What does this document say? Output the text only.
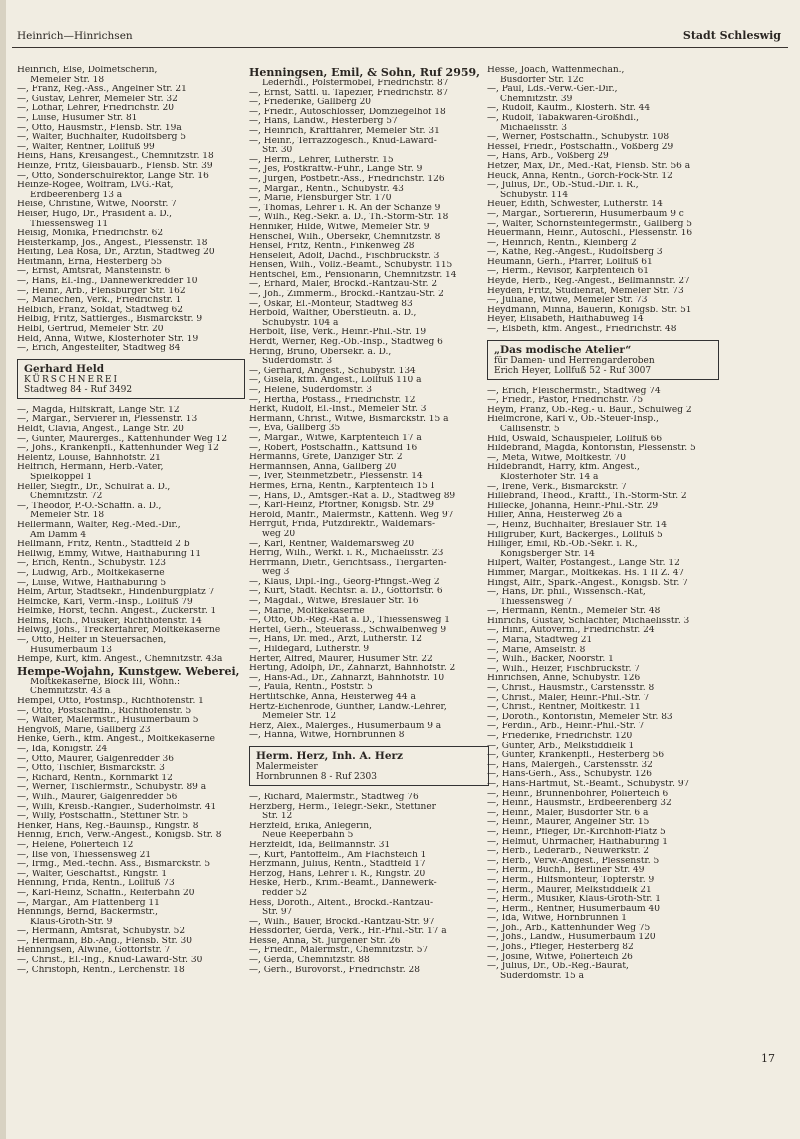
Heinrich—Hinrichsen	Stadt Schleswig
Heinrich, Else, Dolmetscherin,
Memeler Str. 18
—, Franz, Reg.-Ass., Angelner Str. 21
—, Gustav, Lehrer, Memeler Str. 32
—, Lothar, Lehrer, Friedrichstr. 20
—, Luise, Husumer Str. 81
—, Otto, Hausmstr., Flensb. Str. 19a
—, Walter, Buchhalter, Rudolfsberg 5
—, Walter, Rentner, Lollfuß 99
Heins, Hans, Kreisangest., Chemnitzstr. 18
Heinze, Fritz, Gleisbauarb., Flensb. Str. 39
—, Otto, Sonderschulrektor, Lange Str. 16
Heinze-Rogée, Wolfram, LVG.-Rat,
Erdbeerenberg 13 a
Heise, Christine, Witwe, Noorstr. 7
Heiser, Hugo, Dr., Präsident a. D.,
Thiessensweg 11
Heisig, Monika, Friedrichstr. 62
Heisterkamp, Jos., Angest., Plessenstr. 18
Heiting, Lea Rosa, Dr., Ärztin, Stadtweg 20
Heitmann, Erna, Hesterberg 55
—, Ernst, Amtsrat, Mansteinstr. 6
—, Hans, El.-Ing., Dannewerkredder 10
—, Heinr., Arb., Flensburger Str. 162
—, Mariechen, Verk., Friedrichstr. 1
Helbich, Franz, Soldat, Stadtweg 62
Helbig, Fritz, Sattlerges., Bismarckstr. 9
Helbl, Gertrud, Memeler Str. 20
Held, Anna, Witwe, Klosterhofer Str. 19
—, Erich, Angestellter, Stadtweg 84
Gerhard Held
KÜRSCHNEREI
Stadtweg 84 - Ruf 3492
—, Magda, Hilfskraft, Lange Str. 12
—, Margar., Servierer in, Plessenstr. 13
Heldt, Clavia, Angest., Lange Str. 20
—, Günter, Maurerges., Kattenhunder Weg 12
—, Johs., Krankenpfl., Kattenhunder Weg 12
Helentz, Louise, Bahnhofstr. 21
Helfrich, Hermann, Herb.-Vater,
Spielkoppel 1
Heller, Siegfr., Dr., Schulrat a. D.,
Chemnitzstr. 72
—, Theodor, P.-O.-Schaffn. a. D.,
Memeler Str. 18
Hellermann, Walter, Reg.-Med.-Dir.,
Am Damm 4
Hellmann, Fritz, Rentn., Stadtfeld 2 b
Hellwig, Emmy, Witwe, Haithaburing 11
—, Erich, Rentn., Schubystr. 123
—, Ludwig, Arb., Moltkekaserne
—, Luise, Witwe, Haithaburing 5
Helm, Artur, Stadtsekr., Hindenburgplatz 7
Helmcke, Karl, Verm.-Insp., Lollfuß 79
Helmke, Horst, techn. Angest., Zuckerstr. 1
Helms, Rich., Musiker, Richthofenstr. 14
Helwig, Johs., Treckerfahrer, Moltkekaserne
—, Otto, Helfer in Steuersachen,
Husumerbaum 13
Hempe, Kurt, kfm. Angest., Chemnitzstr. 43a
Hempe-Wojahn, Kunstgew. Weberei,
Moltkekaserne, Block III, Wohn.:
Chemnitzstr. 43 a
Hempel, Otto, Postinsp., Richthofenstr. 1
—, Otto, Postschaffn., Richthofenstr. 5
—, Walter, Malermstr., Husumerbaum 5
Hengvoß, Marie, Gallberg 23
Henke, Gerh., kfm. Angest., Moltkekaserne
—, Ida, Königstr. 24
—, Otto, Maurer, Galgenredder 36
—, Otto, Tischler, Bismarckstr. 3
—, Richard, Rentn., Kornmarkt 12
—, Werner, Tischlermstr., Schubystr. 89 a
—, Wilh., Maurer, Galgenredder 56
—, Willi, Kreisb.-Rangier., Süderholmstr. 41
—, Willy, Postschaffn., Stettiner Str. 5
Henker, Hans, Reg.-Bauinsp., Ringstr. 8
Hennig, Erich, Verw.-Angest., Königsb. Str. 8
—, Helene, Polierteich 12
—, Ilse von, Thiessensweg 21
—, Irmg., Med.-techn. Ass., Bismarckstr. 5
—, Walter, Geschäftsf., Ringstr. 1
Henning, Frida, Rentn., Lollfuß 73
—, Karl-Heinz, Schaffn., Reiferbahn 20
—, Margar., Am Flattenberg 11
Hennings, Bernd, Bäckermstr.,
Klaus-Groth-Str. 9
—, Hermann, Amtsrat, Schubystr. 52
—, Hermann, Bb.-Ang., Flensb. Str. 30
Henningsen, Alwine, Gottorfstr. 7
—, Christ., El.-Ing., Knud-Laward-Str. 30
—, Christoph, Rentn., Lerchenstr. 18
Henningsen, Emil, & Sohn, Ruf 2959,
Lederhdl., Polstermöbel, Friedrichstr. 87
—, Ernst, Sattl. u. Tapezier, Friedrichstr. 87
—, Friederike, Gallberg 20
—, Friedr., Autoschlosser, Domziegelhof 18
—, Hans, Landw., Hesterberg 57
—, Heinrich, Kraftfahrer, Memeler Str. 31
—, Heinr., Terrazzogesch., Knud-Laward-
Str. 30
—, Herm., Lehrer, Lutherstr. 15
—, Jes, Postkraftw.-Führ., Lange Str. 9
—, Jürgen, Postbetr.-Ass., Friedrichstr. 126
—, Margar., Rentn., Schubystr. 43
—, Marie, Flensburger Str. 170
—, Thomas, Lehrer i. R. An der Schanze 9
—, Wilh., Reg.-Sekr. a. D., Th.-Storm-Str. 18
Henniker, Hilde, Witwe, Memeler Str. 9
Henschel, Wilh., Obersekr, Chemnitzstr. 8
Hensel, Fritz, Rentn., Finkenweg 28
Henseleit, Adolf, Dachd., Fischbrückstr. 3
Hensen, Wilh., Vollz.-Beamt., Schubystr. 115
Hentschel, Em., Pensionärin, Chemnitzstr. 14
—, Erhard, Maler, Brockd.-Rantzau-Str. 2
—, Joh., Zimmerm., Brockd.-Rantzau-Str. 2
—, Oskar, El.-Monteur, Stadtweg 83
Herbold, Walther, Oberstleutn. a. D.,
Schubystr. 104 a
Herbolt, Ilse, Verk., Heinr.-Phil.-Str. 19
Herdt, Werner, Reg.-Ob.-Insp., Stadtweg 6
Hering, Bruno, Obersekr. a. D.,
Süderdomstr. 3
—, Gerhard, Angest., Schubystr. 134
—, Gisela, kfm. Angest., Lollfuß 110 a
—, Helene, Süderdomstr. 3
—, Hertha, Postass., Friedrichstr. 12
Herkt, Rudolf, El.-Inst., Memeler Str. 3
Hermann, Christ., Witwe, Bismarckstr. 15 a
—, Eva, Gallberg 35
—, Margar., Witwe, Karpfenteich 17 a
—, Robert, Postschaffn., Kattsund 16
Hermanns, Grete, Danziger Str. 2
Hermannsen, Anna, Gallberg 20
—, Iver, Steinmetzbetr., Plessenstr. 14
Hermes, Erna, Rentn., Karpfenteich 15 I
—, Hans, D., Amtsger.-Rat a. D., Stadtweg 89
—, Karl-Heinz, Pförtner, Königsb. Str. 29
Herold, Manfr., Malermstr., Kattenh. Weg 97
Herrgut, Frida, Putzdirektr., Waldemars-
weg 20
—, Karl, Rentner, Waldemarsweg 20
Herrig, Wilh., Werkf. i. R., Michaelisstr. 23
Herrmann, Dietr., Gerichtsass., Tiergarten-
weg 3
—, Klaus, Dipl.-Ing., Georg-Pfingst.-Weg 2
—, Kurt, Städt. Rechtsr. a. D., Gottorfstr. 6
—, Magdal., Witwe, Breslauer Str. 16
—, Marie, Moltkekaserne
—, Otto, Ob.-Reg.-Rat a. D., Thiessensweg 1
Hertel, Gerh., Steuerass., Schwalbenweg 9
—, Hans, Dr. med., Arzt, Lutherstr. 12
—, Hildegard, Lutherstr. 9
Herter, Alfred, Maurer, Husumer Str. 22
Herting, Adolph, Dr., Zahnarzt, Bahnhofstr. 2
—, Hans-Ad., Dr., Zahnarzt, Bahnhofstr. 10
—, Paula, Rentn., Poststr. 5
Hertlitschke, Anna, Heisterweg 44 a
Hertz-Eichenrode, Günther, Landw.-Lehrer,
Memeler Str. 12
Herz, Alex., Malerges., Husumerbaum 9 a
—, Hanna, Witwe, Hornbrunnen 8
Herm. Herz, Inh. A. Herz
Malermeister
Hornbrunnen 8 - Ruf 2303
—, Richard, Malermstr., Stadtweg 76
Herzberg, Herm., Telegr.-Sekr., Stettiner
Str. 12
Herzfeld, Erika, Anlegerin,
Neue Reeperbahn 5
Herzfeldt, Ida, Bellmannstr. 31
—, Kurt, Pantoffelm., Am Flachsteich 1
Herzmann, Julius, Rentn., Stadtfeld 17
Herzog, Hans, Lehrer i. R., Ringstr. 20
Heske, Herb., Krim.-Beamt., Dannewerk-
redder 52
Hess, Doroth., Altent., Brockd.-Rantzau-
Str. 97
—, Wilh., Bauer, Brockd.-Rantzau-Str. 97
Hessdörfer, Gerda, Verk., Hr.-Phil.-Str. 17 a
Hesse, Anna, St. Jürgener Str. 26
—, Friedr., Malermstr., Chemnitzstr. 57
—, Gerda, Chemnitzstr. 88
—, Gerh., Bürovorst., Friedrichstr. 28
Hesse, Joach, Waffenmechan.,
Busdorfer Str. 12c
—, Paul, Lds.-Verw.-Ger.-Dir.,
Chemnitzstr. 39
—, Rudolf, Kaufm., Klosterh. Str. 44
—, Rudolf, Tabakwaren-Großhdl.,
Michaelisstr. 3
—, Werner, Postschaffn., Schubystr. 108
Hessel, Friedr., Postschaffn., Voßberg 29
—, Hans, Arb., Voßberg 29
Hetzer, Max, Dr., Med.-Rat, Flensb. Str. 56 a
Heuck, Anna, Rentn., Gorch-Fock-Str. 12
—, Julius, Dr., Ob.-Stud.-Dir. i. R.,
Schubystr. 114
Heuer, Edith, Schwester, Lutherstr. 14
—, Margar., Sortiererin, Husumerbaum 9 c
—, Walter, Schornsteinfegermstr., Gallberg 5
Heuermann, Heinr., Autoschl., Plessenstr. 16
—, Heinrich, Rentn., Kleinberg 2
—, Käthe, Reg.-Angest., Rudolfsberg 3
Heumann, Gerh., Pfarrer, Lollfuß 61
—, Herm., Revisor, Karpfenteich 61
Heyde, Herb., Reg.-Angest., Bellmannstr. 27
Heyden, Fritz, Studienrat, Memeler Str. 73
—, Juliane, Witwe, Memeler Str. 73
Heydmann, Minna, Bäuerin, Königsb. Str. 51
Heyer, Elisabeth, Haithabuweg 14
—, Elsbeth, kfm. Angest., Friedrichstr. 48
„Das modische Atelier“
für Damen- und Herrengarderoben
Erich Heyer, Lollfuß 52 - Ruf 3007
—, Erich, Fleischermstr., Stadtweg 74
—, Friedr., Pastor, Friedrichstr. 75
Heym, Franz, Ob.-Reg.- u. Baur., Schulweg 2
Hielmcrone, Karl v., Ob.-Steuer-Insp.,
Callisenstr. 5
Hild, Oswald, Schauspieler, Lollfuß 66
Hildebrand, Magda, Kontoristin, Plessenstr. 5
—, Meta, Witwe, Moltkestr. 70
Hildebrandt, Harry, kfm. Angest.,
Klosterhofer Str. 14 a
—, Irene, Verk., Bismarckstr. 7
Hillebrand, Theod., Kraftf., Th.-Storm-Str. 2
Hillecke, Johanna, Heinr.-Phil.-Str. 29
Hiller, Anna, Heisterweg 26 a
—, Heinz, Buchhalter, Breslauer Str. 14
Hillgruber, Kurt, Bäckerges., Lollfuß 5
Hilliger, Emil, Rb.-Ob.-Sekr. i. R.,
Königsberger Str. 14
Hilpert, Walter, Postangest., Lange Str. 12
Himmer, Margar., Moltkekas. Hs. 1 II Z. 47
Hingst, Alfr., Spark.-Angest., Königsb. Str. 7
—, Hans, Dr. phil., Wissensch.-Rat,
Thiessensweg 7
—, Hermann, Rentn., Memeler Str. 48
Hinrichs, Gustav, Schlachter, Michaelisstr. 3
—, Hinr., Autoverm., Friedrichstr. 24
—, Maria, Stadtweg 21
—, Marie, Amselstr. 8
—, Wilh., Bäcker, Noorstr. 1
—, Wilh., Heizer, Fischbrückstr. 7
Hinrichsen, Anne, Schubystr. 126
—, Christ., Hausmstr., Carstensstr. 8
—, Christ., Maler, Heinr.-Phil.-Str. 7
—, Christ., Rentner, Moltkestr. 11
—, Doroth., Kontoristin, Memeler Str. 83
—, Ferdin., Arb., Heinr.-Phil.-Str. 7
—, Friederike, Friedrichstr. 120
—, Günter, Arb., Melkstiddielk 1
—, Günter, Krankenpfl., Hesterberg 56
—, Hans, Malergeh., Carstensstr. 32
—, Hans-Gerh., Ass., Schubystr. 126
—, Hans-Hartmut, St.-Beamt., Schubystr. 97
—, Heinr., Brunnenbohrer, Polierteich 6
—, Heinr., Hausmstr., Erdbeerenberg 32
—, Heinr., Maler, Busdorfer Str. 6 a
—, Heinr., Maurer, Angelner Str. 15
—, Heinr., Pfleger, Dr.-Kirchhoff-Platz 5
—, Helmut, Uhrmacher, Haithaburing 1
—, Herb., Lederarb., Neuwerkstr. 2
—, Herb., Verw.-Angest., Plessenstr. 5
—, Herm., Buchh., Berliner Str. 49
—, Herm., Hilfsmonteur, Töpferstr. 9
—, Herm., Maurer, Melkstiddielk 21
—, Herm., Musiker, Klaus-Groth-Str. 1
—, Herm., Rentner, Husumerbaum 40
—, Ida, Witwe, Hornbrunnen 1
—, Joh., Arb., Kattenhunder Weg 75
—, Johs., Landw., Husumerbaum 120
—, Johs., Pfleger, Hesterberg 82
—, Josine, Witwe, Polierteich 26
—, Julius, Dr., Ob.-Reg.-Baurat,
Süderdomstr. 15 a
17
